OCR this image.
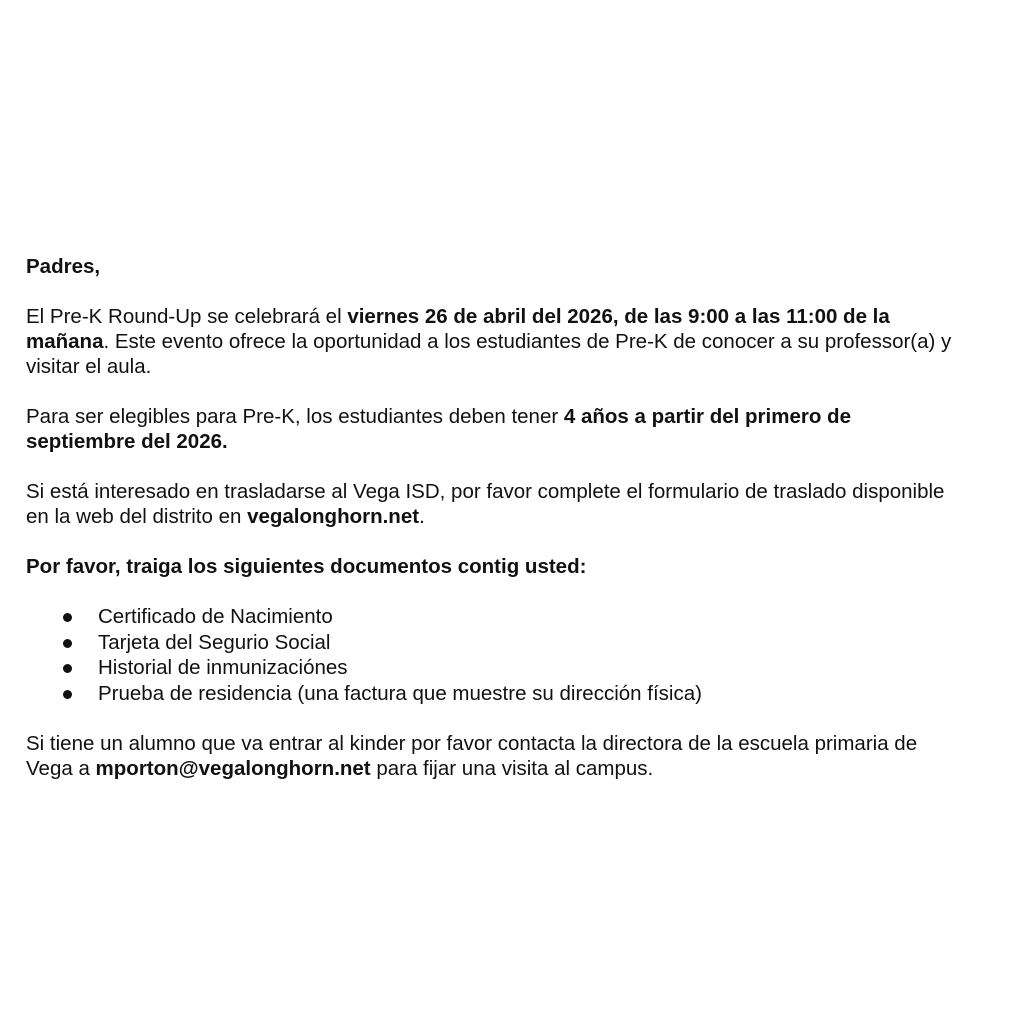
Padres,

El Pre-K Round-Up se celebrará el viernes 26 de abril del 2026, de las 9:00 a las 11:00 de la mañana. Este evento ofrece la oportunidad a los estudiantes de Pre-K de conocer a su professor(a) y visitar el aula.

Para ser elegibles para Pre-K, los estudiantes deben tener 4 años a partir del primero de septiembre del 2026.

Si está interesado en trasladarse al Vega ISD, por favor complete el formulario de traslado disponible en la web del distrito en vegalonghorn.net.

Por favor, traiga los siguientes documentos contig usted:

Certificado de Nacimiento
Tarjeta del Segurio Social
Historial de inmunizaciónes
Prueba de residencia (una factura que muestre su dirección física)

Si tiene un alumno que va entrar al kinder por favor contacta la directora de la escuela primaria de Vega a mporton@vegalonghorn.net para fijar una visita al campus.
